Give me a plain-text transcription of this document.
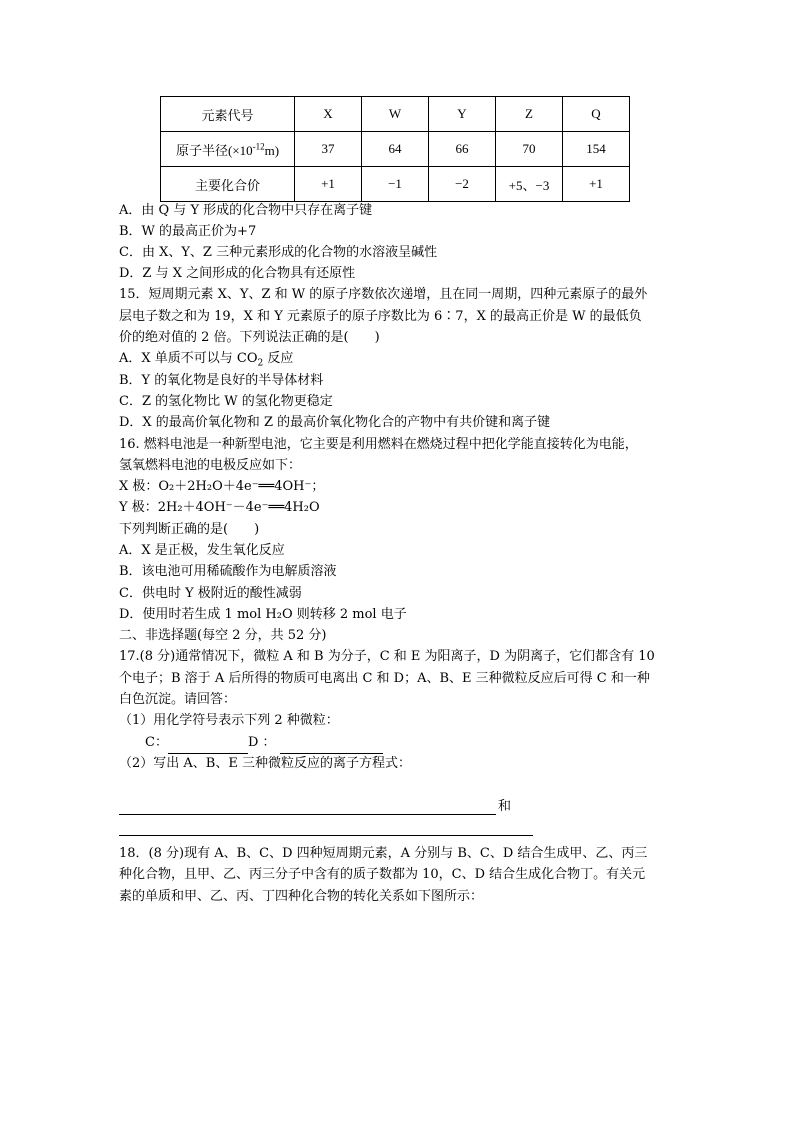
元素代号	X	W	Y	Z	Q
原子半径$(\times 10^{-12}m)$	37	64	66	70	154
主要化合价	+1	−1	−2	+5、−3	+1
A．由 Q 与 Y 形成的化合物中只存在离子键
B．W 的最高正价为+7
C．由 X、Y、Z 三种元素形成的化合物的水溶液呈碱性
D．Z 与 X 之间形成的化合物具有还原性
15．短周期元素 X、Y、Z 和 W 的原子序数依次递增，且在同一周期，四种元素原子的最外
层电子数之和为 19，X 和 Y 元素原子的原子序数比为 6∶7，X 的最高正价是 W 的最低负
价的绝对值的 2 倍。下列说法正确的是(　　)
A．X 单质不可以与 $CO_2$ 反应
B．Y 的氧化物是良好的半导体材料
C．Z 的氢化物比 W 的氢化物更稳定
D．X 的最高价氧化物和 Z 的最高价氧化物化合的产物中有共价键和离子键
16. 燃料电池是一种新型电池，它主要是利用燃料在燃烧过程中把化学能直接转化为电能，
氢氧燃料电池的电极反应如下：
X 极：O₂＋2H₂O＋4e⁻══4OH⁻；
Y 极：2H₂＋4OH⁻－4e⁻══4H₂O
下列判断正确的是(　　)
A．X 是正极，发生氧化反应
B．该电池可用稀硫酸作为电解质溶液
C．供电时 Y 极附近的酸性减弱
D．使用时若生成 1 mol H₂O 则转移 2 mol 电子
二、非选择题(每空 2 分，共 52 分)
17.(8 分)通常情况下，微粒 A 和 B 为分子，C 和 E 为阳离子，D 为阴离子，它们都含有 10
个电子；B 溶于 A 后所得的物质可电离出 C 和 D；A、B、E 三种微粒反应后可得 C 和一种
白色沉淀。请回答：
（1）用化学符号表示下列 2 种微粒：
C：	D ：
（2）写出 A、B、E 三种微粒反应的离子方程式：
和
18．(8 分)现有 A、B、C、D 四种短周期元素，A 分别与 B、C、D 结合生成甲、乙、丙三
种化合物，且甲、乙、丙三分子中含有的质子数都为 10，C、D 结合生成化合物丁。有关元
素的单质和甲、乙、丙、丁四种化合物的转化关系如下图所示：
